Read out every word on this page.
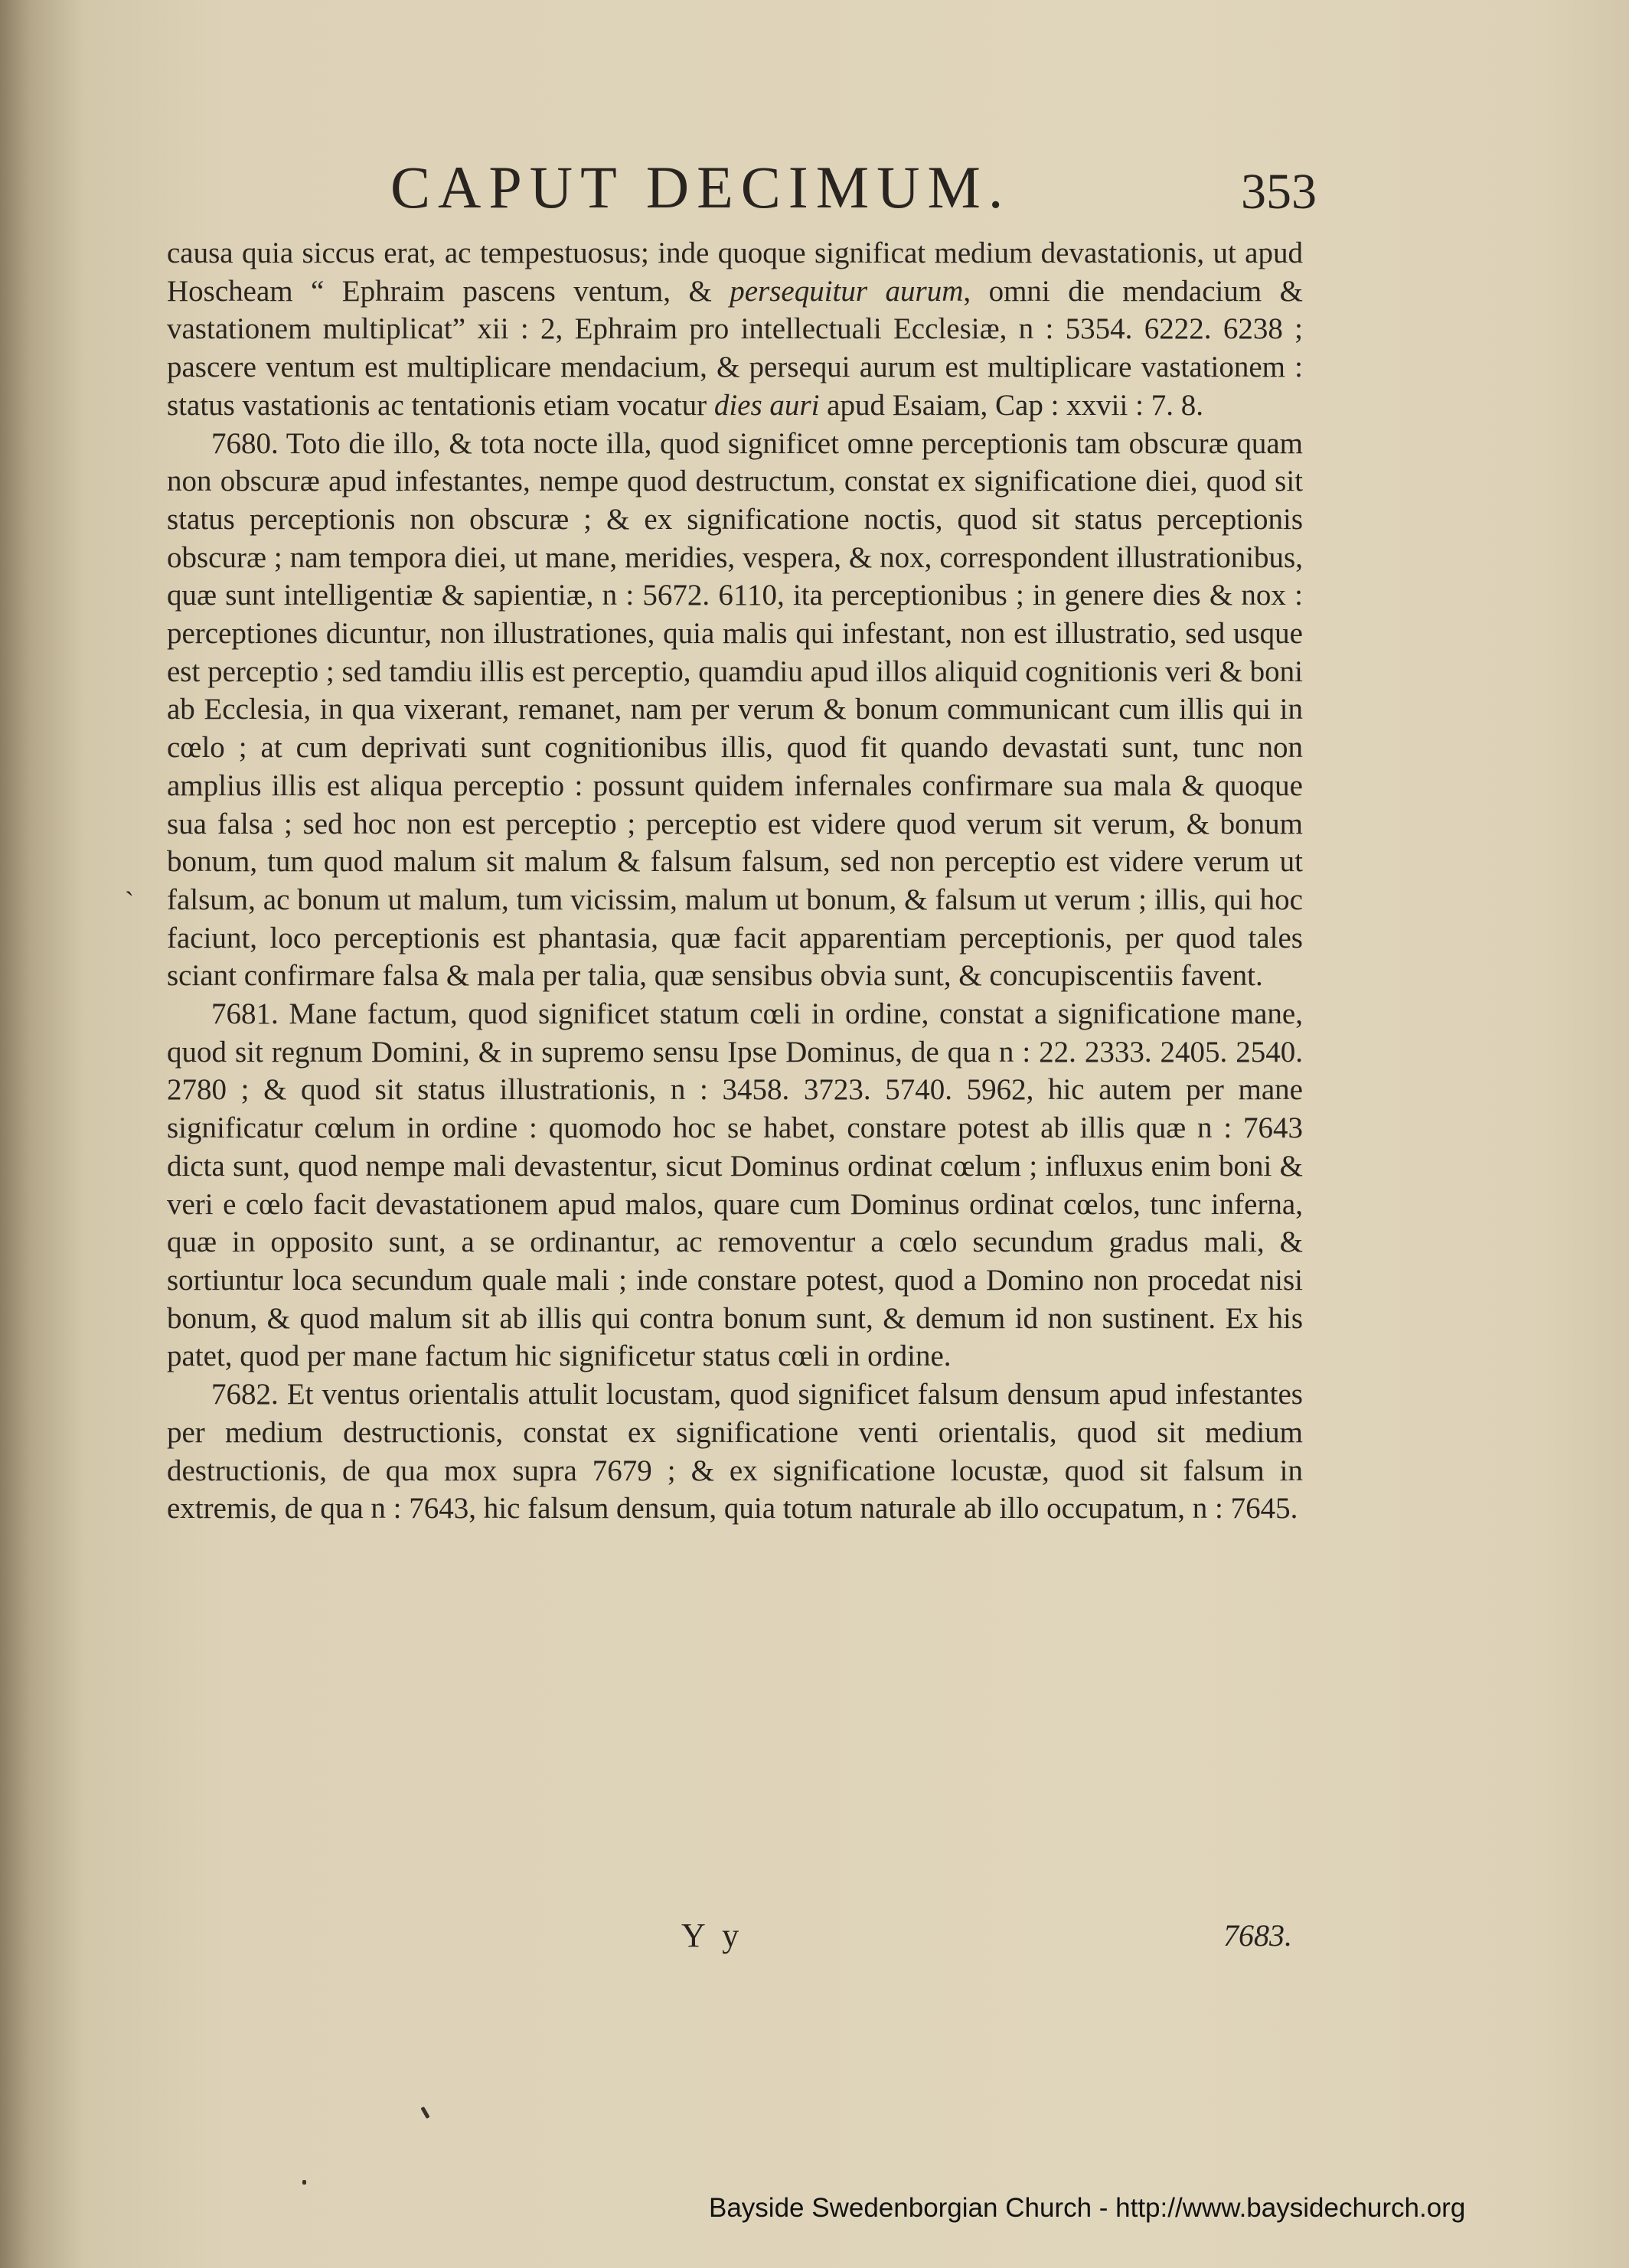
CAPUT DECIMUM.	353

causa quia siccus erat, ac tempestuosus; inde quoque significat medium devastationis, ut apud Hoscheam “ Ephraim pascens ventum, & persequitur aurum, omni die mendacium & vastationem multiplicat” xii : 2, Ephraim pro intellectuali Ecclesiæ, n : 5354. 6222. 6238 ; pascere ventum est multiplicare mendacium, & persequi aurum est multiplicare vastationem : status vastationis ac tentationis etiam vocatur dies auri apud Esaiam, Cap : xxvii : 7. 8.

7680. Toto die illo, & tota nocte illa, quod significet omne perceptionis tam obscuræ quam non obscuræ apud infestantes, nempe quod destructum, constat ex significatione diei, quod sit status perceptionis non obscuræ ; & ex significatione noctis, quod sit status perceptionis obscuræ ; nam tempora diei, ut mane, meridies, vespera, & nox, correspondent illustrationibus, quæ sunt intelligentiæ & sapientiæ, n : 5672. 6110, ita perceptionibus ; in genere dies & nox : perceptiones dicuntur, non illustrationes, quia malis qui infestant, non est illustratio, sed usque est perceptio ; sed tamdiu illis est perceptio, quamdiu apud illos aliquid cognitionis veri & boni ab Ecclesia, in qua vixerant, remanet, nam per verum & bonum communicant cum illis qui in cœlo ; at cum deprivati sunt cognitionibus illis, quod fit quando devastati sunt, tunc non amplius illis est aliqua perceptio : possunt quidem infernales confirmare sua mala & quoque sua falsa ; sed hoc non est perceptio ; perceptio est videre quod verum sit verum, & bonum bonum, tum quod malum sit malum & falsum falsum, sed non perceptio est videre verum ut falsum, ac bonum ut malum, tum vicissim, malum ut bonum, & falsum ut verum ; illis, qui hoc faciunt, loco perceptionis est phantasia, quæ facit apparentiam perceptionis, per quod tales sciant confirmare falsa & mala per talia, quæ sensibus obvia sunt, & concupiscentiis favent.

7681. Mane factum, quod significet statum cœli in ordine, constat a significatione mane, quod sit regnum Domini, & in supremo sensu Ipse Dominus, de qua n : 22. 2333. 2405. 2540. 2780 ; & quod sit status illustrationis, n : 3458. 3723. 5740. 5962, hic autem per mane significatur cœlum in ordine : quomodo hoc se habet, constare potest ab illis quæ n : 7643 dicta sunt, quod nempe mali devastentur, sicut Dominus ordinat cœlum ; influxus enim boni & veri e cœlo facit devastationem apud malos, quare cum Dominus ordinat cœlos, tunc inferna, quæ in opposito sunt, a se ordinantur, ac removentur a cœlo secundum gradus mali, & sortiuntur loca secundum quale mali ; inde constare potest, quod a Domino non procedat nisi bonum, & quod malum sit ab illis qui contra bonum sunt, & demum id non sustinent. Ex his patet, quod per mane factum hic significetur status cœli in ordine.

7682. Et ventus orientalis attulit locustam, quod significet falsum densum apud infestantes per medium destructionis, constat ex significatione venti orientalis, quod sit medium destructionis, de qua mox supra 7679 ; & ex significatione locustæ, quod sit falsum in extremis, de qua n : 7643, hic falsum densum, quia totum naturale ab illo occupatum, n : 7645.

ˏ
Y y	7683.
Bayside Swedenborgian Church - http://www.baysidechurch.org
